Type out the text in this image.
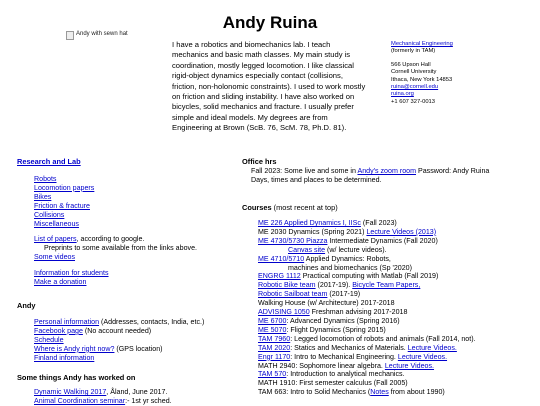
Andy Ruina
Andy with sewn hat
I have a robotics and biomechanics lab. I teach mechanics and basic math classes. My main study is coordination, mostly legged locomotion. I like classical rigid-object dynamics especially contact (collisions, friction, non-holonomic constraints). I used to work mostly on friction and sliding instability. I have also worked on bicycles, solid mechanics and fracture. I usually prefer simple and ideal models. My degrees are from Engineering at Brown (ScB. 76, ScM. 78, Ph.D. 81).
Mechanical Engineering
(formerly in TAM)
566 Upson Hall
Cornell University
Ithaca, New York 14853
ruina@cornell.edu
ruina.org
+1 607 327-0013
Research and Lab
Robots
Locomotion papers
Bikes
Friction & fracture
Collisions
Miscellaneous
List of papers, according to google.
Preprints to some available from the links above.
Some videos
Information for students
Make a donation
Andy
Personal information (Addresses, contacts, India, etc.)
Facebook page (No account needed)
Schedule
Where is Andy right now? (GPS location)
Finland information
Some things Andy has worked on
Dynamic Walking 2017, Åland, June 2017.
Animal Coordination seminar:- 1st yr sched.
Office hrs
Fall 2023: Some live and some in Andy's zoom room Password: Andy Ruina
Days, times and places to be determined.
Courses (most recent at top)
ME 226 Applied Dynamics I, IISc (Fall 2023)
ME 2030 Dynamics (Spring 2021) Lecture Videos (2013)
ME 4730/5730 Piazza Intermediate Dynamics (Fall 2020)
Canvas site (w/ lecture videos).
ME 4710/5710 Applied Dynamics: Robots,
machines and biomechanics (Sp '2020)
ENGRG 1112 Practical computing with Matlab (Fall 2019)
Robotic Bike team (2017-19). Bicycle Team Papers,
Robotic Sailboat team (2017-19)
Walking House (w/ Architecture) 2017-2018
ADVISING 1050 Freshman advising 2017-2018
ME 6700: Advanced Dynamics (Spring 2016)
ME 5070: Flight Dynamics (Spring 2015)
TAM 7960: Legged locomotion of robots and animals (Fall 2014, not).
TAM 2020: Statics and Mechanics of Materials. Lecture Videos.
Engr 1170: Intro to Mechanical Engineering. Lecture Videos.
MATH 2940: Sophomore linear algebra. Lecture Videos.
TAM 570: Introduction to analytical mechanics.
MATH 1910: First semester calculus (Fall 2005)
TAM 663: Intro to Solid Mechanics (Notes from about 1990)
